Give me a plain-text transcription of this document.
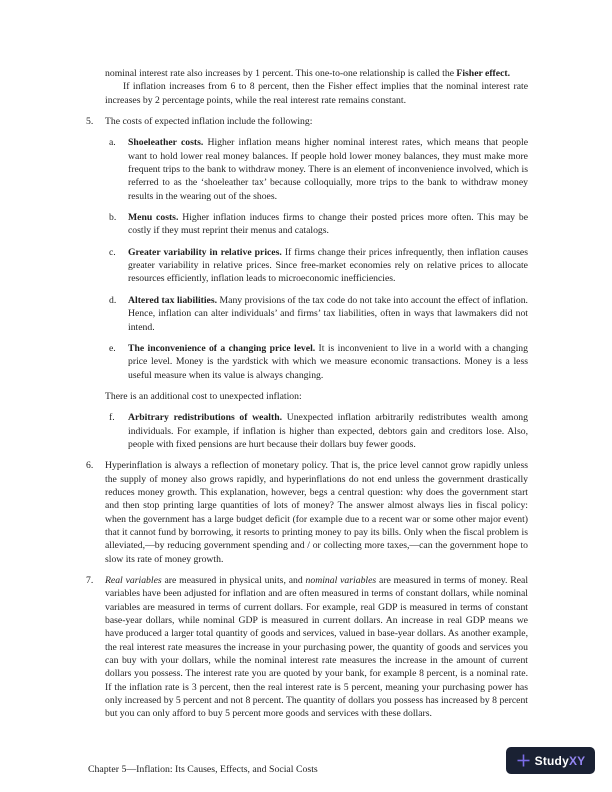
nominal interest rate also increases by 1 percent. This one-to-one relationship is called the Fisher effect.

If inflation increases from 6 to 8 percent, then the Fisher effect implies that the nominal interest rate increases by 2 percentage points, while the real interest rate remains constant.

5.	The costs of expected inflation include the following:

a.	Shoeleather costs. Higher inflation means higher nominal interest rates, which means that people want to hold lower real money balances. If people hold lower money balances, they must make more frequent trips to the bank to withdraw money. There is an element of inconvenience involved, which is referred to as the ‘shoeleather tax’ because colloquially, more trips to the bank to withdraw money results in the wearing out of the shoes.

b.	Menu costs. Higher inflation induces firms to change their posted prices more often. This may be costly if they must reprint their menus and catalogs.

c.	Greater variability in relative prices. If firms change their prices infrequently, then inflation causes greater variability in relative prices. Since free-market economies rely on relative prices to allocate resources efficiently, inflation leads to microeconomic inefficiencies.

d.	Altered tax liabilities. Many provisions of the tax code do not take into account the effect of inflation. Hence, inflation can alter individuals’ and firms’ tax liabilities, often in ways that lawmakers did not intend.

e.	The inconvenience of a changing price level. It is inconvenient to live in a world with a changing price level. Money is the yardstick with which we measure economic transactions. Money is a less useful measure when its value is always changing.

There is an additional cost to unexpected inflation:

f.	Arbitrary redistributions of wealth. Unexpected inflation arbitrarily redistributes wealth among individuals. For example, if inflation is higher than expected, debtors gain and creditors lose. Also, people with fixed pensions are hurt because their dollars buy fewer goods.

6.	Hyperinflation is always a reflection of monetary policy. That is, the price level cannot grow rapidly unless the supply of money also grows rapidly, and hyperinflations do not end unless the government drastically reduces money growth. This explanation, however, begs a central question: why does the government start and then stop printing large quantities of lots of money? The answer almost always lies in fiscal policy: when the government has a large budget deficit (for example due to a recent war or some other major event) that it cannot fund by borrowing, it resorts to printing money to pay its bills. Only when the fiscal problem is alleviated,—by reducing government spending and / or collecting more taxes,—can the government hope to slow its rate of money growth.

7.	Real variables are measured in physical units, and nominal variables are measured in terms of money. Real variables have been adjusted for inflation and are often measured in terms of constant dollars, while nominal variables are measured in terms of current dollars. For example, real GDP is measured in terms of constant base-year dollars, while nominal GDP is measured in current dollars. An increase in real GDP means we have produced a larger total quantity of goods and services, valued in base-year dollars. As another example, the real interest rate measures the increase in your purchasing power, the quantity of goods and services you can buy with your dollars, while the nominal interest rate measures the increase in the amount of current dollars you possess. The interest rate you are quoted by your bank, for example 8 percent, is a nominal rate. If the inflation rate is 3 percent, then the real interest rate is 5 percent, meaning your purchasing power has only increased by 5 percent and not 8 percent. The quantity of dollars you possess has increased by 8 percent but you can only afford to buy 5 percent more goods and services with these dollars.

Chapter 5—Inflation: Its Causes, Effects, and Social Costs
StudyXY
